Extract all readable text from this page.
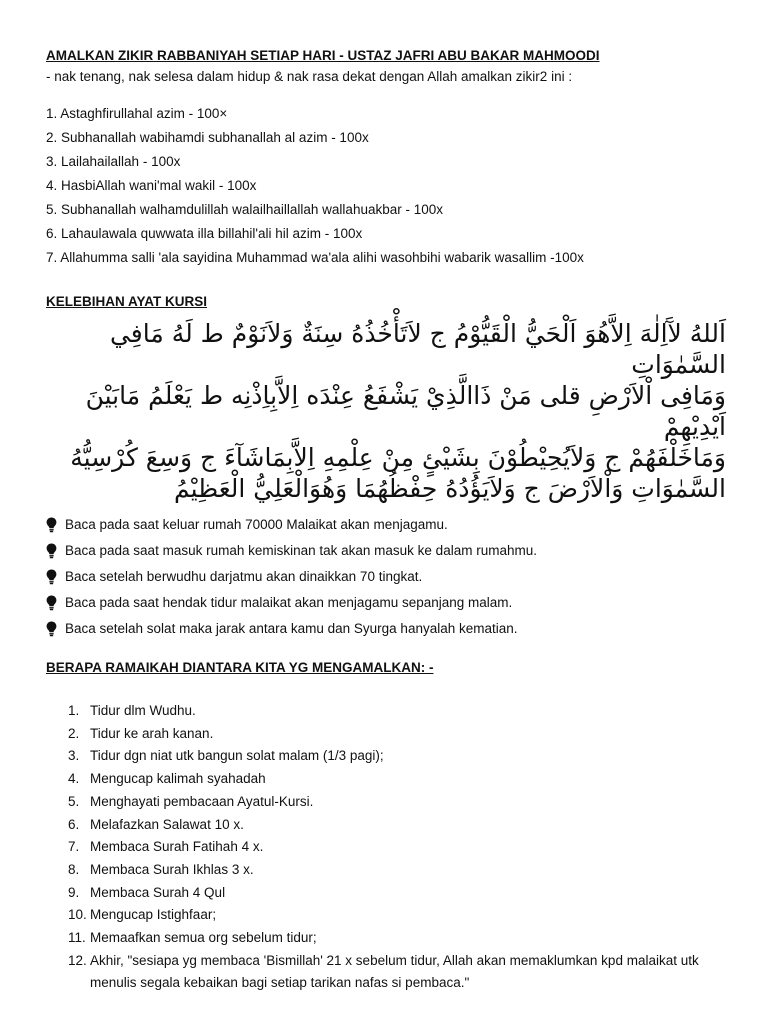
AMALKAN ZIKIR RABBANIYAH SETIAP HARI - USTAZ JAFRI ABU BAKAR MAHMOODI

- nak tenang, nak selesa dalam hidup & nak rasa dekat dengan Allah amalkan zikir2 ini :

1. Astaghfirullahal azim - 100×

2. Subhanallah wabihamdi subhanallah al azim - 100x

3. Lailahailallah - 100x

4. HasbiAllah wani'mal wakil - 100x

5. Subhanallah walhamdulillah walailhaillallah wallahuakbar - 100x

6. Lahaulawala quwwata illa billahil'ali hil azim - 100x

7. Allahumma salli 'ala sayidina Muhammad wa'ala alihi wasohbihi wabarik wasallim -100x

KELEBIHAN AYAT KURSI

اَللهُ لآَاِلٰهَ اِلاَّهُوَ اَلْحَيُّ الْقَيُّوْمُ ج لاَتَأْخُذُهُ سِنَةٌ وَلاَنَوْمٌ ط لَهُ مَافِي السَّمٰوَاتِ
وَمَافِى اْلاَرْضِ قلى مَنْ ذَاالَّذِيْ يَشْفَعُ عِنْدَه اِلاَّبِاِذْنِه ط يَعْلَمُ مَابَيْنَ اَيْدِيْهِمْ
وَمَاخَلْفَهُمْ ج وَلاَيُحِيْطُوْنَ بِشَيْئٍ مِنْ عِلْمِهِ اِلاَّبِمَاشَآءَ ج وَسِعَ كُرْسِيُّهُ
السَّمٰوَاتِ وَاْلاَرْضَ ج وَلاَيَؤُدُهُ حِفْظُهُمَا وَهُوَالْعَلِيُّ الْعَظِيْمُ
Baca pada saat keluar rumah 70000 Malaikat akan menjagamu.
Baca pada saat masuk rumah kemiskinan tak akan masuk ke dalam rumahmu.
Baca setelah berwudhu darjatmu akan dinaikkan 70 tingkat.
Baca pada saat hendak tidur malaikat akan menjagamu sepanjang malam.
Baca setelah solat maka jarak antara kamu dan Syurga hanyalah kematian.

BERAPA RAMAIKAH DIANTARA KITA YG MENGAMALKAN: -

1. Tidur dlm Wudhu.
2. Tidur ke arah kanan.
3. Tidur dgn niat utk bangun solat malam (1/3 pagi);
4. Mengucap kalimah syahadah
5. Menghayati pembacaan Ayatul-Kursi.
6. Melafazkan Salawat 10 x.
7. Membaca Surah Fatihah 4 x.
8. Membaca Surah Ikhlas 3 x.
9. Membaca Surah 4 Qul
10. Mengucap Istighfaar;
11. Memaafkan semua org sebelum tidur;
12. Akhir, "sesiapa yg membaca 'Bismillah' 21 x sebelum tidur, Allah akan memaklumkan kpd malaikat utk menulis segala kebaikan bagi setiap tarikan nafas si pembaca."
